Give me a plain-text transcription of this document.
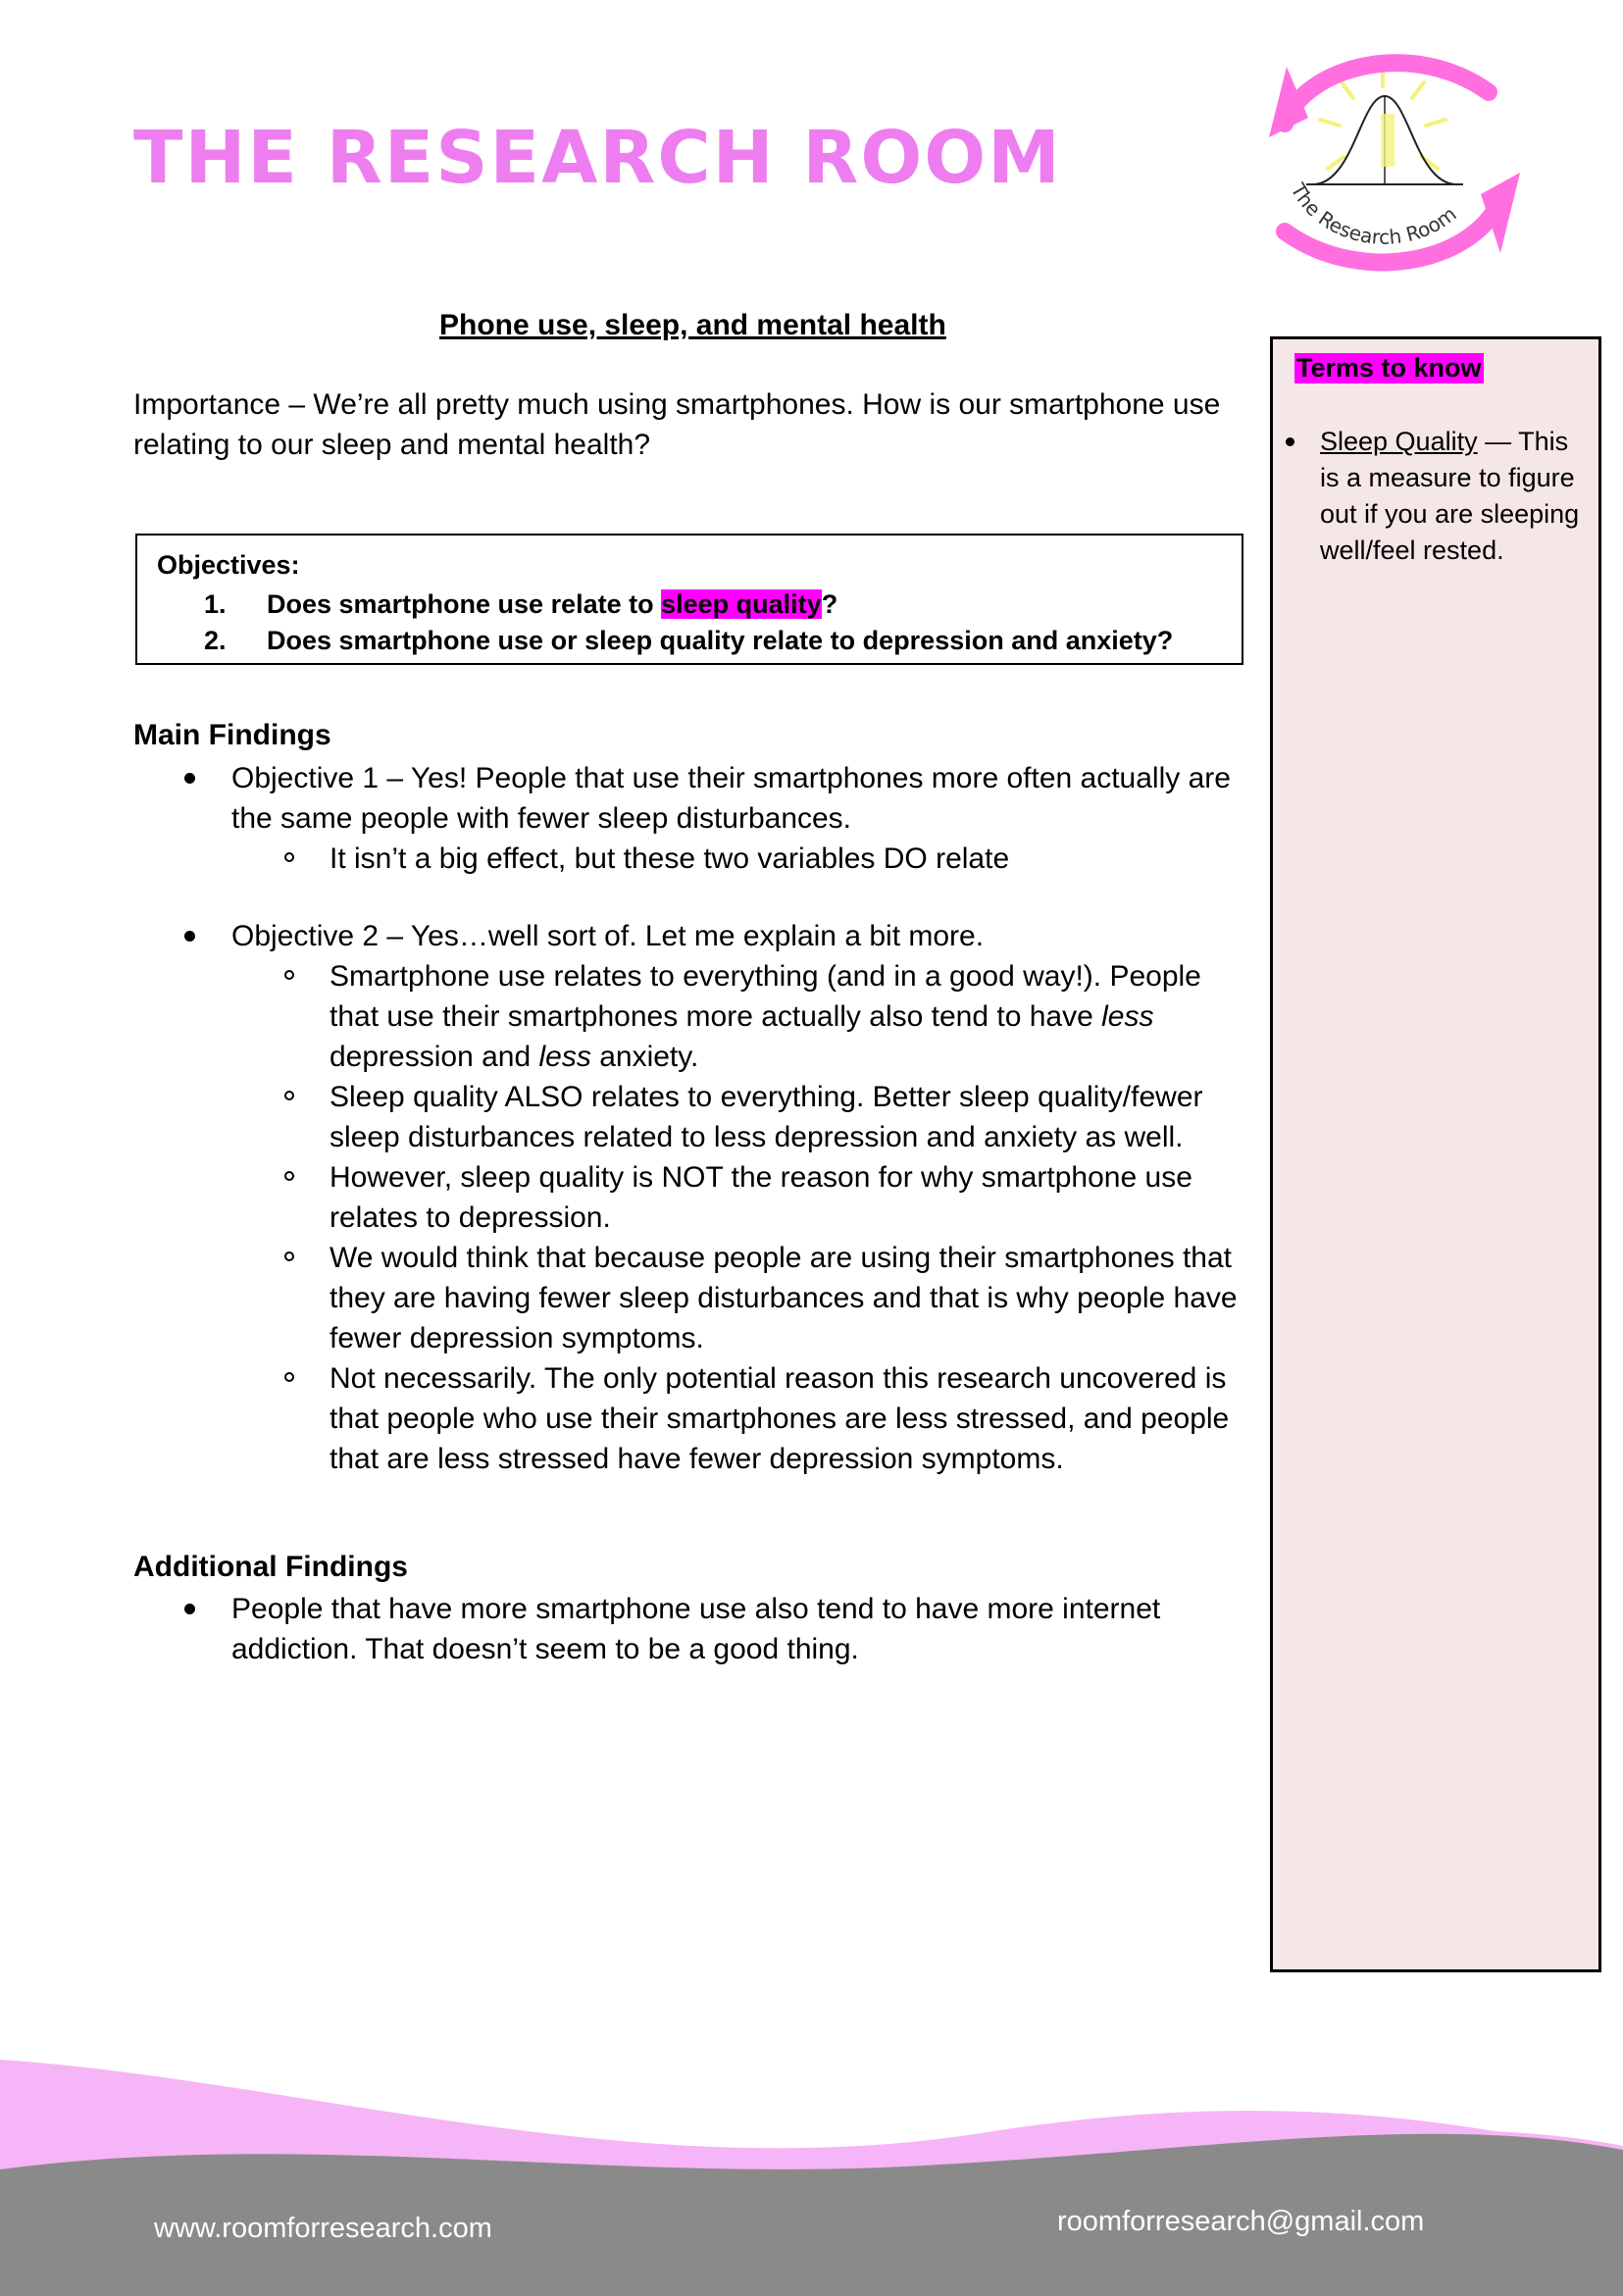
THE RESEARCH ROOM	The Research Room
Phone use, sleep, and mental health

Importance – We’re all pretty much using smartphones. How is our smartphone use relating to our sleep and mental health?

Objectives:

1. Does smartphone use relate to sleep quality?
2. Does smartphone use or sleep quality relate to depression and anxiety?
Main Findings

Objective 1 – Yes! People that use their smartphones more often actually are the same people with fewer sleep disturbances.

It isn’t a big effect, but these two variables DO relate

Objective 2 – Yes…well sort of. Let me explain a bit more.

Smartphone use relates to everything (and in a good way!). People that use their smartphones more actually also tend to have less depression and less anxiety.

Sleep quality ALSO relates to everything. Better sleep quality/fewer sleep disturbances related to less depression and anxiety as well.

However, sleep quality is NOT the reason for why smartphone use relates to depression.

We would think that because people are using their smartphones that they are having fewer sleep disturbances and that is why people have fewer depression symptoms.

Not necessarily. The only potential reason this research uncovered is that people who use their smartphones are less stressed, and people that are less stressed have fewer depression symptoms.

Additional Findings

People that have more smartphone use also tend to have more internet addiction. That doesn’t seem to be a good thing.

Terms to know

Sleep Quality — This is a measure to figure out if you are sleeping well/feel rested.

www.roomforresearch.com	roomforresearch@gmail.com
